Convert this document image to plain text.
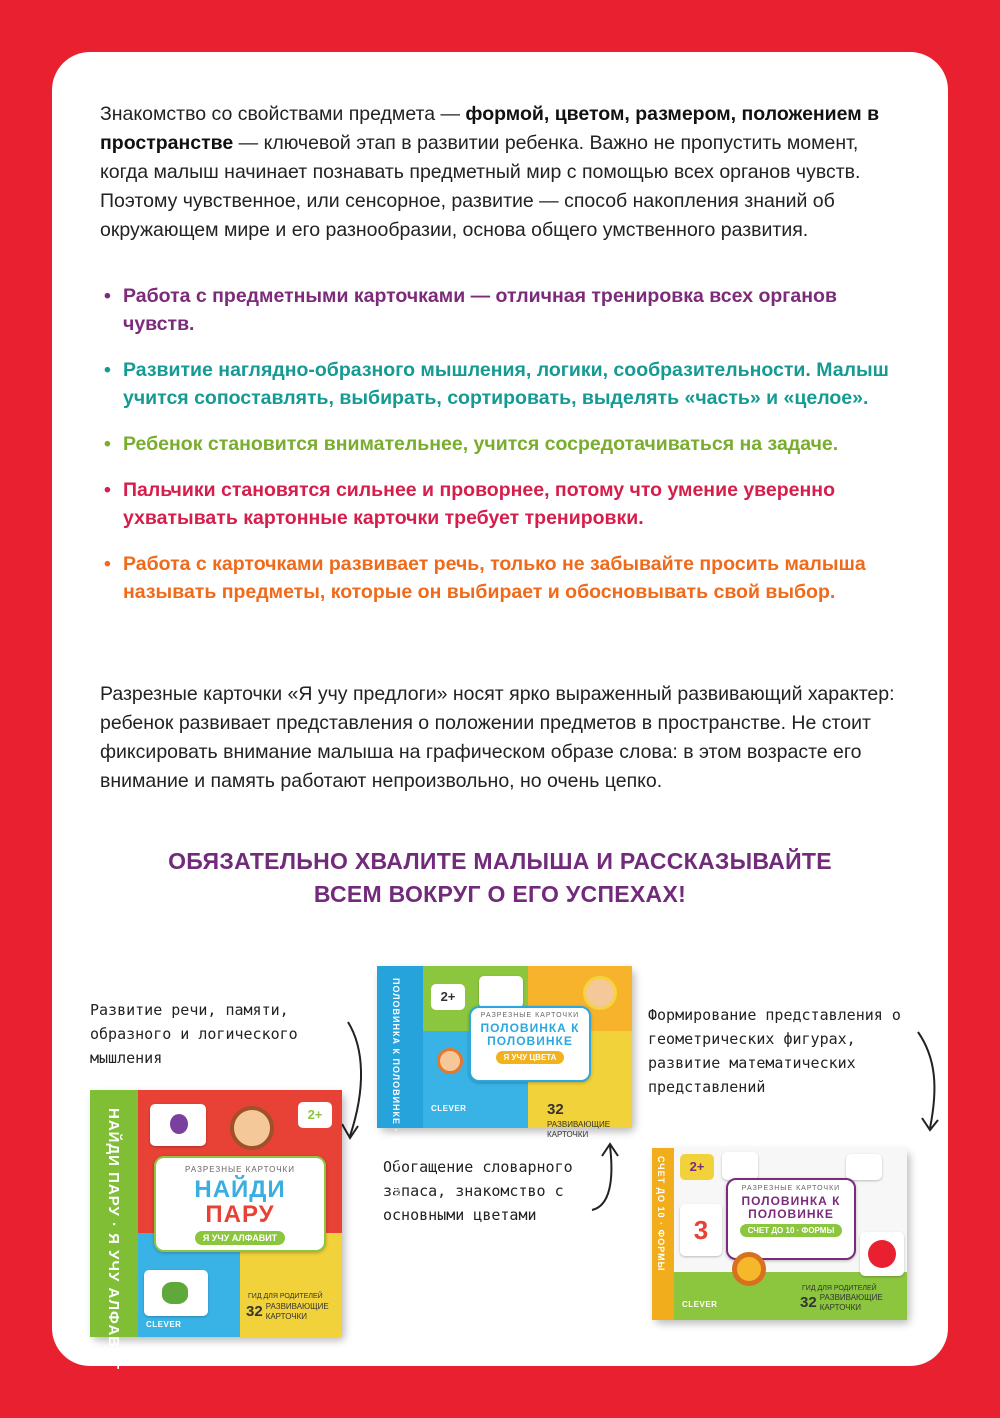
Знакомство со свойствами предмета — формой, цветом, размером, положением в пространстве — ключевой этап в развитии ребенка. Важно не пропустить момент, когда малыш начинает познавать предметный мир с помощью всех органов чувств. Поэтому чувственное, или сенсорное, развитие — способ накопления знаний об окружающем мире и его разнообразии, основа общего умственного развития.

• Работа с предметными карточками — отличная тренировка всех органов чувств.

• Развитие наглядно-образного мышления, логики, сообразительности. Малыш учится сопоставлять, выбирать, сортировать, выделять «часть» и «целое».

• Ребенок становится внимательнее, учится сосредотачиваться на задаче.

• Пальчики становятся сильнее и проворнее, потому что умение уверенно ухватывать картонные карточки требует тренировки.

• Работа с карточками развивает речь, только не забывайте просить малыша называть предметы, которые он выбирает и обосновывать свой выбор.

Разрезные карточки «Я учу предлоги» носят ярко выраженный развивающий характер: ребенок развивает представления о положении предметов в пространстве. Не стоит фиксировать внимание малыша на графическом образе слова: в этом возрасте его внимание и память работают непроизвольно, но очень цепко.

ОБЯЗАТЕЛЬНО ХВАЛИТЕ МАЛЫША И РАССКАЗЫВАЙТЕ
ВСЕМ ВОКРУГ О ЕГО УСПЕХАХ!

Развитие речи, памяти, образного и логического мышления

Формирование представления о геометрических фигурах, развитие математических представлений

Обогащение словарного запаса, знакомство с основными цветами

ПОЛОВИНКА К ПОЛОВИНКЕ · Я УЧУ ЦВЕТА	2+
РАЗРЕЗНЫЕ КАРТОЧКИ
ПОЛОВИНКА К ПОЛОВИНКЕ
Я УЧУ ЦВЕТА
32
РАЗВИВАЮЩИЕ КАРТОЧКИ
CLEVER
НАЙДИ ПАРУ · Я УЧУ АЛФАВИТ	2+
РАЗРЕЗНЫЕ КАРТОЧКИ
НАЙДИ
ПАРУ
Я УЧУ АЛФАВИТ
ГИД ДЛЯ РОДИТЕЛЕЙ
32 РАЗВИВАЮЩИЕ КАРТОЧКИ
CLEVER
СЧЕТ ДО 10 · ФОРМЫ	2+
3
РАЗРЕЗНЫЕ КАРТОЧКИ
ПОЛОВИНКА К ПОЛОВИНКЕ
СЧЕТ ДО 10 · ФОРМЫ
ГИД ДЛЯ РОДИТЕЛЕЙ
32 РАЗВИВАЮЩИЕ КАРТОЧКИ
CLEVER
